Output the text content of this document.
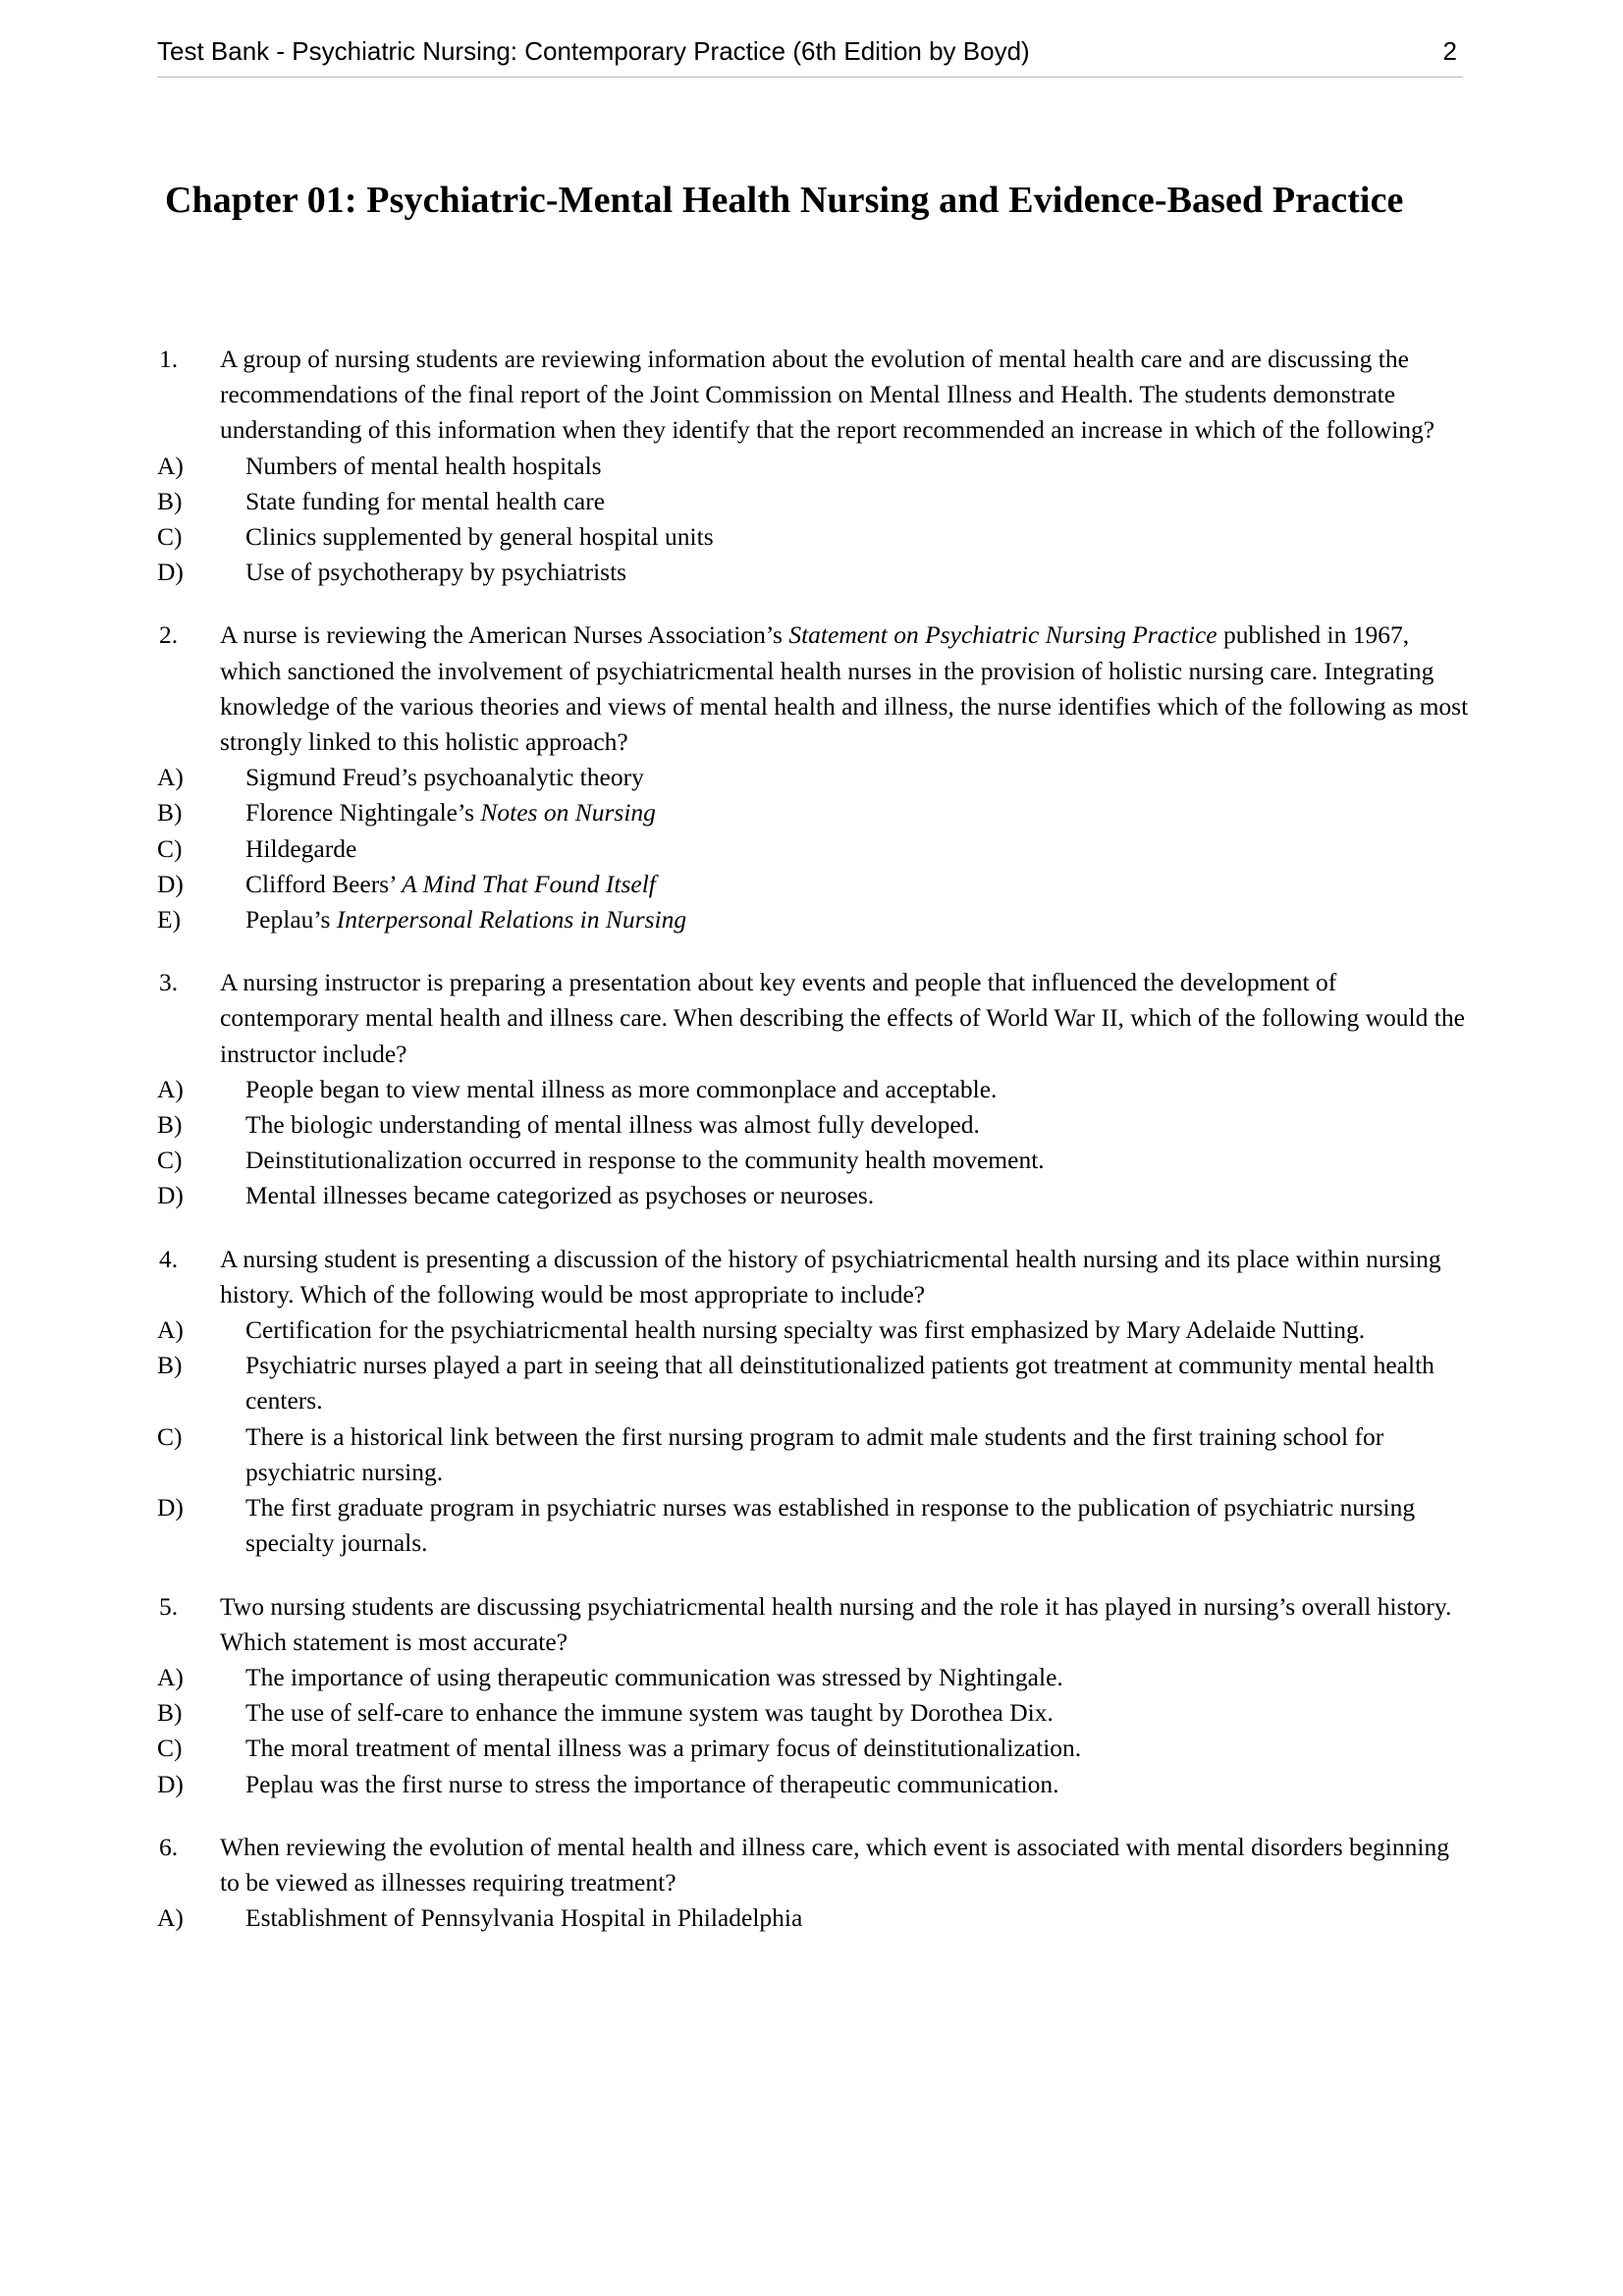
Test Bank - Psychiatric Nursing: Contemporary Practice (6th Edition by Boyd)	2
Chapter 01: Psychiatric-Mental Health Nursing and Evidence-Based Practice
1.	A group of nursing students are reviewing information about the evolution of mental health care and are discussing the recommendations of the final report of the Joint Commission on Mental Illness and Health. The students demonstrate understanding of this information when they identify that the report recommended an increase in which of the following?
A)	Numbers of mental health hospitals
B)	State funding for mental health care
C)	Clinics supplemented by general hospital units
D)	Use of psychotherapy by psychiatrists
2.	A nurse is reviewing the American Nurses Association’s Statement on Psychiatric Nursing Practice published in 1967, which sanctioned the involvement of psychiatricmental health nurses in the provision of holistic nursing care. Integrating knowledge of the various theories and views of mental health and illness, the nurse identifies which of the following as most strongly linked to this holistic approach?
A)	Sigmund Freud’s psychoanalytic theory
B)	Florence Nightingale’s Notes on Nursing
C)	Hildegarde
D)	Clifford Beers’ A Mind That Found Itself
E)	Peplau’s Interpersonal Relations in Nursing
3.	A nursing instructor is preparing a presentation about key events and people that influenced the development of contemporary mental health and illness care. When describing the effects of World War II, which of the following would the instructor include?
A)	People began to view mental illness as more commonplace and acceptable.
B)	The biologic understanding of mental illness was almost fully developed.
C)	Deinstitutionalization occurred in response to the community health movement.
D)	Mental illnesses became categorized as psychoses or neuroses.
4.	A nursing student is presenting a discussion of the history of psychiatricmental health nursing and its place within nursing history. Which of the following would be most appropriate to include?
A)	Certification for the psychiatricmental health nursing specialty was first emphasized by Mary Adelaide Nutting.
B)	Psychiatric nurses played a part in seeing that all deinstitutionalized patients got treatment at community mental health centers.
C)	There is a historical link between the first nursing program to admit male students and the first training school for psychiatric nursing.
D)	The first graduate program in psychiatric nurses was established in response to the publication of psychiatric nursing specialty journals.
5.	Two nursing students are discussing psychiatricmental health nursing and the role it has played in nursing’s overall history. Which statement is most accurate?
A)	The importance of using therapeutic communication was stressed by Nightingale.
B)	The use of self-care to enhance the immune system was taught by Dorothea Dix.
C)	The moral treatment of mental illness was a primary focus of deinstitutionalization.
D)	Peplau was the first nurse to stress the importance of therapeutic communication.
6.	When reviewing the evolution of mental health and illness care, which event is associated with mental disorders beginning to be viewed as illnesses requiring treatment?
A)	Establishment of Pennsylvania Hospital in Philadelphia
